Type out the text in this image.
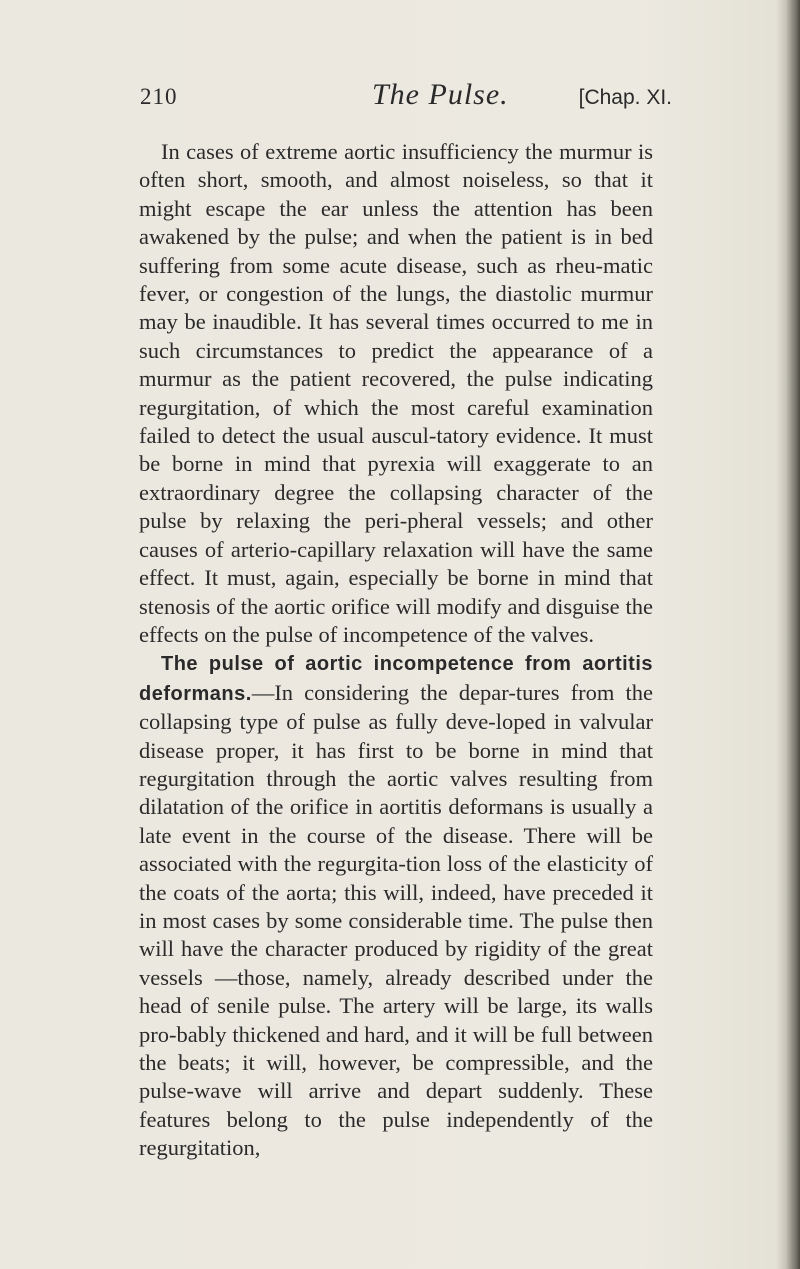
210	The Pulse.	[Chap. XI.

In cases of extreme aortic insufficiency the murmur is often short, smooth, and almost noiseless, so that it might escape the ear unless the attention has been awakened by the pulse; and when the patient is in bed suffering from some acute disease, such as rheu-matic fever, or congestion of the lungs, the diastolic murmur may be inaudible. It has several times occurred to me in such circumstances to predict the appearance of a murmur as the patient recovered, the pulse indicating regurgitation, of which the most careful examination failed to detect the usual auscul-tatory evidence. It must be borne in mind that pyrexia will exaggerate to an extraordinary degree the collapsing character of the pulse by relaxing the peri-pheral vessels; and other causes of arterio-capillary relaxation will have the same effect. It must, again, especially be borne in mind that stenosis of the aortic orifice will modify and disguise the effects on the pulse of incompetence of the valves.

The pulse of aortic incompetence from aortitis deformans.—In considering the depar-tures from the collapsing type of pulse as fully deve-loped in valvular disease proper, it has first to be borne in mind that regurgitation through the aortic valves resulting from dilatation of the orifice in aortitis deformans is usually a late event in the course of the disease. There will be associated with the regurgita-tion loss of the elasticity of the coats of the aorta; this will, indeed, have preceded it in most cases by some considerable time. The pulse then will have the character produced by rigidity of the great vessels —those, namely, already described under the head of senile pulse. The artery will be large, its walls pro-bably thickened and hard, and it will be full between the beats; it will, however, be compressible, and the pulse-wave will arrive and depart suddenly. These features belong to the pulse independently of the regurgitation,
